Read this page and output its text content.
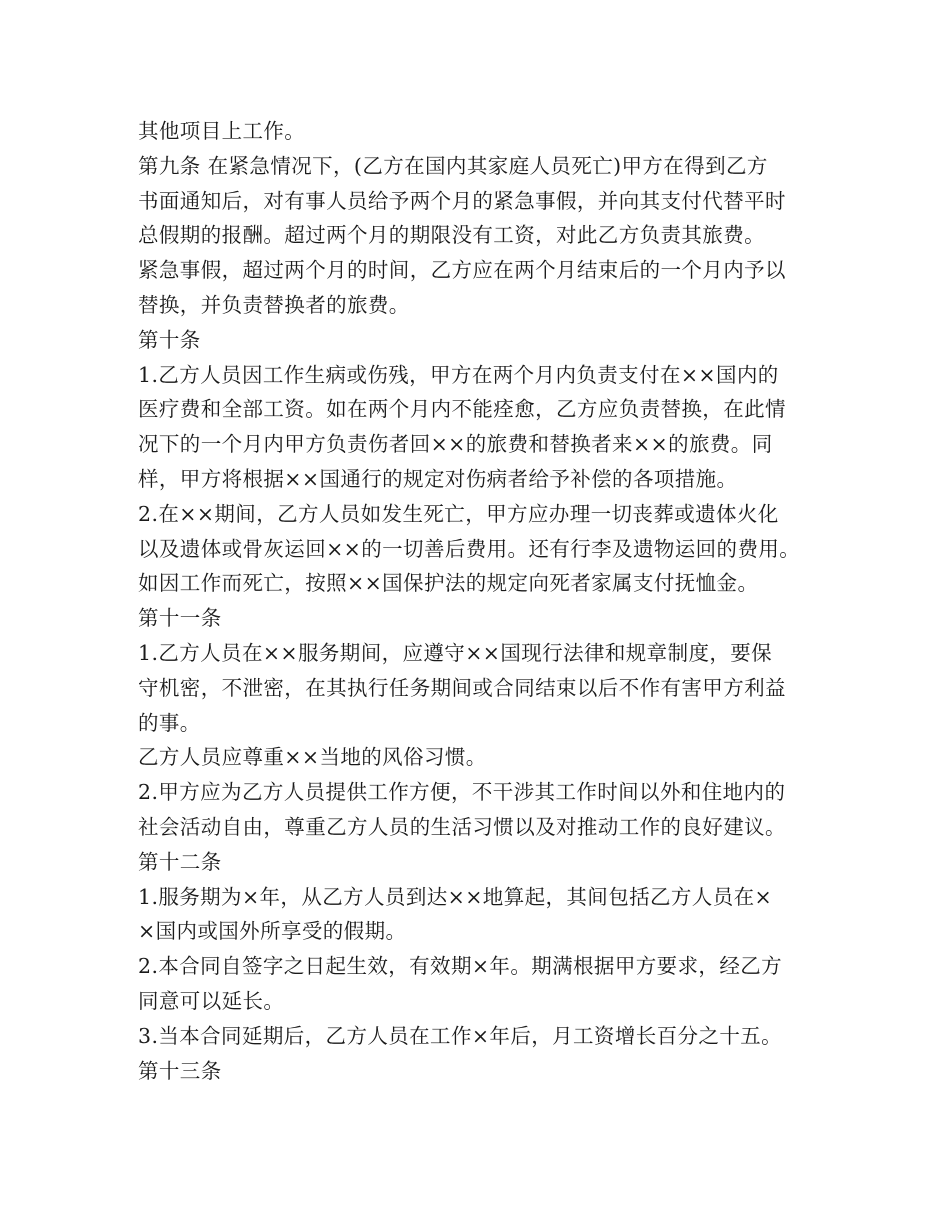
其他项目上工作。
第九条 在紧急情况下，(乙方在国内其家庭人员死亡)甲方在得到乙方
书面通知后，对有事人员给予两个月的紧急事假，并向其支付代替平时
总假期的报酬。超过两个月的期限没有工资，对此乙方负责其旅费。
紧急事假，超过两个月的时间，乙方应在两个月结束后的一个月内予以
替换，并负责替换者的旅费。
第十条
1.乙方人员因工作生病或伤残，甲方在两个月内负责支付在××国内的
医疗费和全部工资。如在两个月内不能痊愈，乙方应负责替换，在此情
况下的一个月内甲方负责伤者回××的旅费和替换者来××的旅费。同
样，甲方将根据××国通行的规定对伤病者给予补偿的各项措施。
2.在××期间，乙方人员如发生死亡，甲方应办理一切丧葬或遗体火化
以及遗体或骨灰运回××的一切善后费用。还有行李及遗物运回的费用。
如因工作而死亡，按照××国保护法的规定向死者家属支付抚恤金。
第十一条
1.乙方人员在××服务期间，应遵守××国现行法律和规章制度，要保
守机密，不泄密，在其执行任务期间或合同结束以后不作有害甲方利益
的事。
乙方人员应尊重××当地的风俗习惯。
2.甲方应为乙方人员提供工作方便，不干涉其工作时间以外和住地内的
社会活动自由，尊重乙方人员的生活习惯以及对推动工作的良好建议。
第十二条
1.服务期为×年，从乙方人员到达××地算起，其间包括乙方人员在×
×国内或国外所享受的假期。
2.本合同自签字之日起生效，有效期×年。期满根据甲方要求，经乙方
同意可以延长。
3.当本合同延期后，乙方人员在工作×年后，月工资增长百分之十五。
第十三条
